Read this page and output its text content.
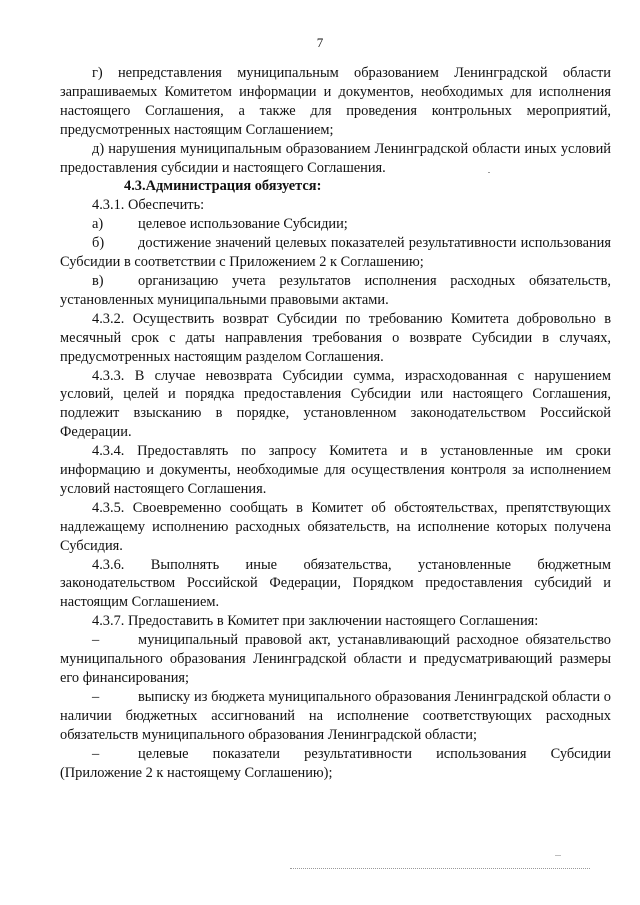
7

г) непредставления муниципальным образованием Ленинградской области запрашиваемых Комитетом информации и документов, необходимых для исполнения настоящего Соглашения, а также для проведения контрольных мероприятий, предусмотренных настоящим Соглашением;

д) нарушения муниципальным образованием Ленинградской области иных условий предоставления субсидии и настоящего Соглашения.

4.3.Администрация обязуется:

4.3.1. Обеспечить:

а) целевое использование Субсидии;

б) достижение значений целевых показателей результативности использования Субсидии в соответствии с Приложением 2 к Соглашению;

в) организацию учета результатов исполнения расходных обязательств, установленных муниципальными правовыми актами.

4.3.2. Осуществить возврат Субсидии по требованию Комитета добровольно в месячный срок с даты направления требования о возврате Субсидии в случаях, предусмотренных настоящим разделом Соглашения.

4.3.3. В случае невозврата Субсидии сумма, израсходованная с нарушением условий, целей и порядка предоставления Субсидии или настоящего Соглашения, подлежит взысканию в порядке, установленном законодательством Российской Федерации.

4.3.4. Предоставлять по запросу Комитета и в установленные им сроки информацию и документы, необходимые для осуществления контроля за исполнением условий настоящего Соглашения.

4.3.5. Своевременно сообщать в Комитет об обстоятельствах, препятствующих надлежащему исполнению расходных обязательств, на исполнение которых получена Субсидия.

4.3.6. Выполнять иные обязательства, установленные бюджетным законодательством Российской Федерации, Порядком предоставления субсидий и настоящим Соглашением.

4.3.7. Предоставить в Комитет при заключении настоящего Соглашения:

–	муниципальный правовой акт, устанавливающий расходное обязательство муниципального образования Ленинградской области и предусматривающий размеры его финансирования;

–	выписку из бюджета муниципального образования Ленинградской области о наличии бюджетных ассигнований на исполнение соответствующих расходных обязательств муниципального образования Ленинградской области;

–	целевые показатели результативности использования Субсидии (Приложение 2 к настоящему Соглашению);
